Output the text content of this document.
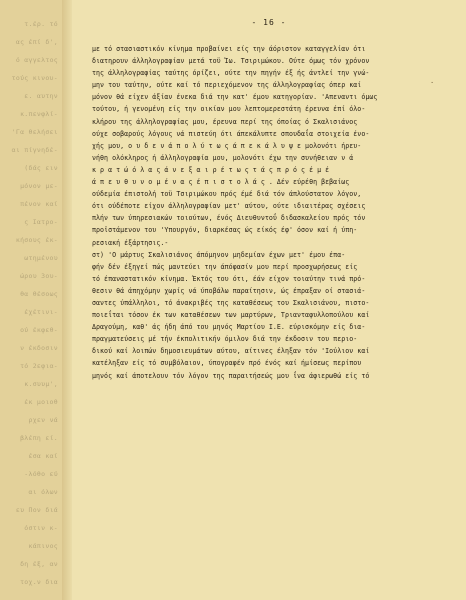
τ.έρ. τό
ας έπί δ',
ό αγγελτος
τούς κινου-
ε. αυτην
κ.πενφλί-
'Γα θελήσει
αι πίγνηδέ-
(δάς ειν
μόνον με-
πένον καί
ς Ιατρο-
κήσους έκ-
ωτημένου
ώρου 3ου-
θα θέσοως
έχέτινι-
ού έκφεθ-
ν έκδοσιν
τό 2εφια-
κ.συυμ',
έκ μοιοθ
ρχεν νά
βλέπη εί.
έσα καί
-λόθο εύ
αι όλων
ευ Πον διά
όστιν κ-
κάπινος
δη έξ, αν
τοχ.ν δια
- 16 -
με τό στασιαστικόν κίνημα προβαίνει είς την άόριστον καταγγελίαν ότι
διατηρουν άλληλογραφίαν μετά τοϋ Ίω. Τσιριμώκου. Ούτε όμως τόν χρόνον
της άλληλογραφίας ταύτης όρίζει, ούτε την πηγήν έξ ής άντλεί την γνώ-
μην του ταύτην, ούτε καί τό περιεχόμενον της άλληλογραφίας όπερ καί
μόνον θά είχεν άξίαν ένεκα διά την κατ' έμου κατηγορίαν. 'Απεναντι όμως
τούτου, ή γενομένη είς την οικίαν μου λεπτομερεστάτη έρευνα έπί όλο-
κλήρου της άλληλογραφίας μου, έρευνα περί της όποίας ό Σκαλισιάνος
ούχε σοβαρούς λόγους νά πιστεύη ότι άπεκάλυπτε σπουδαΐα στοιχεία ένο-
χής μου, ο υ δ ε ν ά π ο λ ύ τ ω ς ά π ε κ ά λ υ ψ ε μολονότι ήρευ-
νήθη ολόκληρος ή άλληλογραφία μου, μολονότι έχω την συνήθειαν ν ά
κ ρ α τ ώ ό λ α ς ά ν ε ξ α ι ρ έ τ ω ς τ ά ς π ρ ό ς έ μ έ
ά π ε υ θ υ ν ο μ έ ν α ς έ π ι σ τ ο λ ά ς . Δέν εύρέθη βεβαίως
ούδεμία έπιστολή τοϋ Τσιριμώκου πρός έμέ διά τόν άπλούστατον λόγον,
ότι ούδέποτε είχον άλληλογραφίαν μετ' αύτου, ούτε ιδιαιτέρας σχέσεις
πλήν των ύπηρεσιακών τοιούτων, ένός Διευθυντοΰ διδασκαλείου πρός τόν
προϊστάμενον του 'Υπουργόν, διαρκέσας ώς είκός έφ' όσον καί ή ύπη-
ρεσιακή έξάρτησις.-
στ) 'Ο μάρτυς Σκαλισιάνος άπόμηνον μηδεμίαν έχων μετ' έμου έπα-
φήν δέν έξηγεί πώς μαντεύει την άπόφασίν μου περί προσχωρήσεως είς
τό έπαναστατικόν κίνημα. Έκτός του ότι, έάν είχον τοιαύτην τινά πρό-
θεσιν θά άπηχόμην χωρίς νά ύποβάλω παραίτησιν, ώς έπραξαν οί στασιά-
σαντες ύπάλληλοι, τό άνακριβές της καταθέσεως του Σκαλισιάνου, πιστο-
ποιεΐται τόσον έκ των καταθέσεων των μαρτύρων, Τριανταφυλλοπούλου καί
Δραγούμη, καθ' άς ήδη άπό του μηνός Μαρτίου Ι.Ε. εύρισκόμην είς δια-
πραγματεύσεις μέ τήν έκπολιτικήν όμιλον διά την έκδοσιν του περιο-
δικού καί λοιπών δημοσιευμάτων αύτου, αίτινες έληξαν τόν 'Ιούλιον καί
κατέληξαν είς τό συμβόλαιον, ύπογραφέν πρό ένός καί ήμίσεως περίπου
μηνός καί άποτελουν τόν λόγον της παραιτήσεώς μου ΐνα άφιερωθώ είς τό
.
